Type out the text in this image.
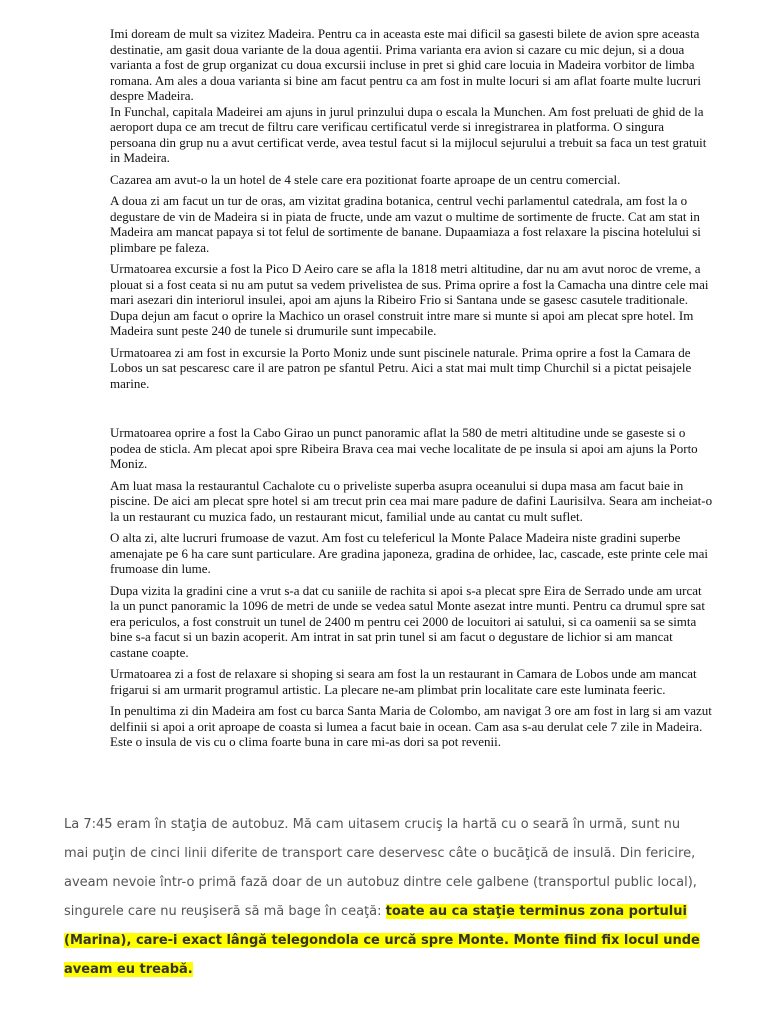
Imi doream de mult sa vizitez Madeira. Pentru ca in aceasta este mai dificil sa gasesti bilete de avion spre aceasta destinatie, am gasit doua variante de la doua agentii. Prima varianta era avion si cazare cu mic dejun, si a doua varianta a fost de grup organizat cu doua excursii incluse in pret si ghid care locuia in Madeira vorbitor de limba romana. Am ales a doua varianta si bine am facut pentru ca am fost in multe locuri si am aflat foarte multe lucruri despre Madeira.

In Funchal, capitala Madeirei am ajuns in jurul prinzului dupa o escala la Munchen. Am fost preluati de ghid de la aeroport dupa ce am trecut de filtru care verificau certificatul verde si inregistrarea in platforma. O singura persoana din grup nu a avut certificat verde, avea testul facut si la mijlocul sejurului a trebuit sa faca un test gratuit in Madeira.

Cazarea am avut-o la un hotel de 4 stele care era pozitionat foarte aproape de un centru comercial.

A doua zi am facut un tur de oras, am vizitat gradina botanica, centrul vechi parlamentul catedrala, am fost la o degustare de vin de Madeira si in piata de fructe, unde am vazut o multime de sortimente de fructe. Cat am stat in Madeira am mancat papaya si tot felul de sortimente de banane. Dupaamiaza a fost relaxare la piscina hotelului si plimbare pe faleza.

Urmatoarea excursie a fost la Pico D Aeiro care se afla la 1818 metri altitudine, dar nu am avut noroc de vreme, a plouat si a fost ceata si nu am putut sa vedem privelistea de sus. Prima oprire a fost la Camacha una dintre cele mai mari asezari din interiorul insulei, apoi am ajuns la Ribeiro Frio si Santana unde se gasesc casutele traditionale. Dupa dejun am facut o oprire la Machico un orasel construit intre mare si munte si apoi am plecat spre hotel. Im Madeira sunt peste 240 de tunele si drumurile sunt impecabile.

Urmatoarea zi am fost in excursie la Porto Moniz unde sunt piscinele naturale. Prima oprire a fost la Camara de Lobos un sat pescaresc care il are patron pe sfantul Petru. Aici a stat mai mult timp Churchil si a pictat peisajele marine.

Urmatoarea oprire a fost la Cabo Girao un punct panoramic aflat la 580 de metri altitudine unde se gaseste si o podea de sticla. Am plecat apoi spre Ribeira Brava cea mai veche localitate de pe insula si apoi am ajuns la Porto Moniz.

Am luat masa la restaurantul Cachalote cu o priveliste superba asupra oceanului si dupa masa am facut baie in piscine. De aici am plecat spre hotel si am trecut prin cea mai mare padure de dafini Laurisilva. Seara am incheiat-o la un restaurant cu muzica fado, un restaurant micut, familial unde au cantat cu mult suflet.

O alta zi, alte lucruri frumoase de vazut. Am fost cu telefericul la Monte Palace Madeira niste gradini superbe amenajate pe 6 ha care sunt particulare. Are gradina japoneza, gradina de orhidee, lac, cascade, este printe cele mai frumoase din lume.

Dupa vizita la gradini cine a vrut s-a dat cu saniile de rachita si apoi s-a plecat spre Eira de Serrado unde am urcat la un punct panoramic la 1096 de metri de unde se vedea satul Monte asezat intre munti. Pentru ca drumul spre sat era periculos, a fost construit un tunel de 2400 m pentru cei 2000 de locuitori ai satului, si ca oamenii sa se simta bine s-a facut si un bazin acoperit. Am intrat in sat prin tunel si am facut o degustare de lichior si am mancat castane coapte.

Urmatoarea zi a fost de relaxare si shoping si seara am fost la un restaurant in Camara de Lobos unde am mancat frigarui si am urmarit programul artistic. La plecare ne-am plimbat prin localitate care este luminata feeric.

In penultima zi din Madeira am fost cu barca Santa Maria de Colombo, am navigat 3 ore am fost in larg si am vazut delfinii si apoi a orit aproape de coasta si lumea a facut baie in ocean. Cam asa s-au derulat cele 7 zile in Madeira. Este o insula de vis cu o clima foarte buna in care mi-as dori sa pot revenii.

La 7:45 eram în staţia de autobuz. Mă cam uitasem cruciş la hartă cu o seară în urmă, sunt nu mai puţin de cinci linii diferite de transport care deservesc câte o bucăţică de insulă. Din fericire, aveam nevoie într-o primă fază doar de un autobuz dintre cele galbene (transportul public local), singurele care nu reuşiseră să mă bage în ceaţă: toate au ca staţie terminus zona portului (Marina), care-i exact lângă telegondola ce urcă spre Monte. Monte fiind fix locul unde aveam eu treabă.
